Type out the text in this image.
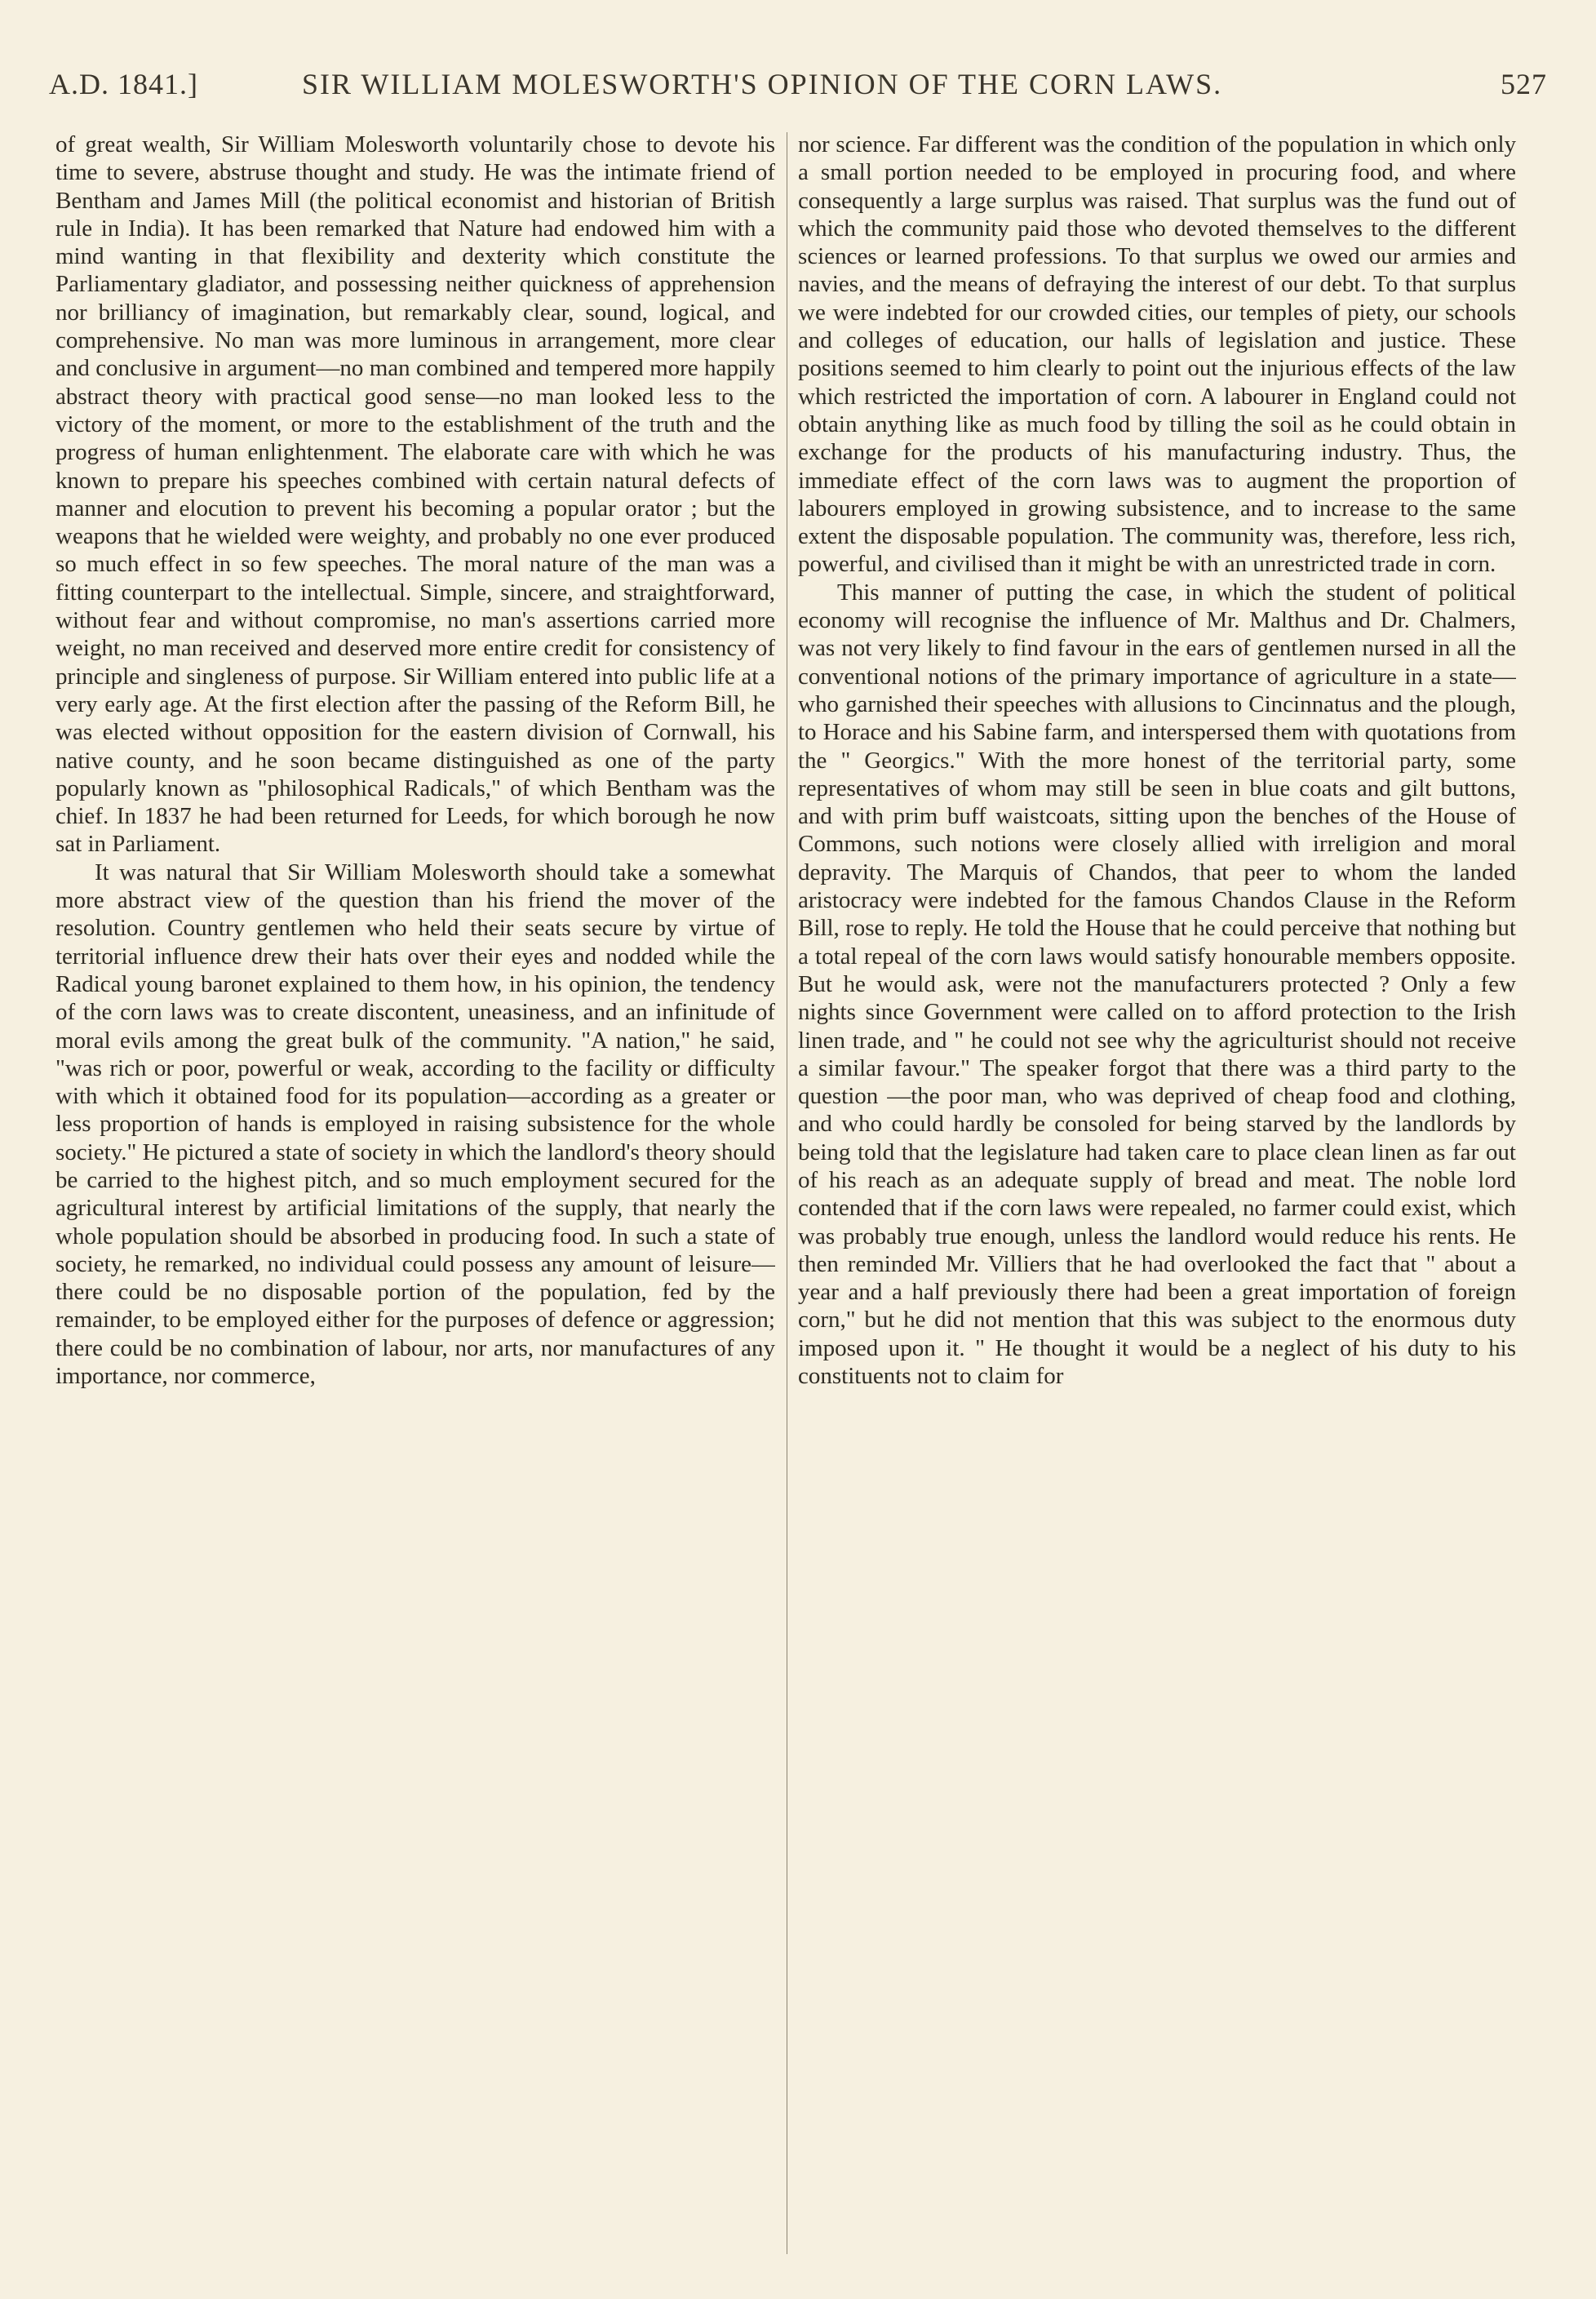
A.D. 1841.]	SIR WILLIAM MOLESWORTH'S OPINION OF THE CORN LAWS.	527

of great wealth, Sir William Molesworth voluntarily chose to devote his time to severe, abstruse thought and study. He was the intimate friend of Bentham and James Mill (the political economist and historian of British rule in India). It has been remarked that Nature had endowed him with a mind wanting in that flexibility and dexterity which constitute the Parliamentary gladiator, and possessing neither quickness of apprehension nor brilliancy of imagination, but remarkably clear, sound, logical, and comprehensive. No man was more luminous in arrangement, more clear and conclusive in argument—no man combined and tempered more happily abstract theory with practical good sense—no man looked less to the victory of the moment, or more to the establishment of the truth and the progress of human enlightenment. The elaborate care with which he was known to prepare his speeches combined with certain natural defects of manner and elocution to prevent his becoming a popular orator ; but the weapons that he wielded were weighty, and probably no one ever produced so much effect in so few speeches. The moral nature of the man was a fitting counterpart to the intellectual. Simple, sincere, and straightforward, without fear and without compromise, no man's assertions carried more weight, no man received and deserved more entire credit for consistency of principle and singleness of purpose. Sir William entered into public life at a very early age. At the first election after the passing of the Reform Bill, he was elected without opposition for the eastern division of Cornwall, his native county, and he soon became distinguished as one of the party popularly known as "philosophical Radicals," of which Bentham was the chief. In 1837 he had been returned for Leeds, for which borough he now sat in Parliament.

It was natural that Sir William Molesworth should take a somewhat more abstract view of the question than his friend the mover of the resolution. Country gentlemen who held their seats secure by virtue of territorial influence drew their hats over their eyes and nodded while the Radical young baronet explained to them how, in his opinion, the tendency of the corn laws was to create discontent, uneasiness, and an infinitude of moral evils among the great bulk of the community. "A nation," he said, "was rich or poor, powerful or weak, according to the facility or difficulty with which it obtained food for its population—according as a greater or less proportion of hands is employed in raising subsistence for the whole society." He pictured a state of society in which the landlord's theory should be carried to the highest pitch, and so much employment secured for the agricultural interest by artificial limitations of the supply, that nearly the whole population should be absorbed in producing food. In such a state of society, he remarked, no individual could possess any amount of leisure—there could be no disposable portion of the population, fed by the remainder, to be employed either for the purposes of defence or aggression; there could be no combination of labour, nor arts, nor manufactures of any importance, nor commerce,

nor science. Far different was the condition of the population in which only a small portion needed to be employed in procuring food, and where consequently a large surplus was raised. That surplus was the fund out of which the community paid those who devoted themselves to the different sciences or learned professions. To that surplus we owed our armies and navies, and the means of defraying the interest of our debt. To that surplus we were indebted for our crowded cities, our temples of piety, our schools and colleges of education, our halls of legislation and justice. These positions seemed to him clearly to point out the injurious effects of the law which restricted the importation of corn. A labourer in England could not obtain anything like as much food by tilling the soil as he could obtain in exchange for the products of his manufacturing industry. Thus, the immediate effect of the corn laws was to augment the proportion of labourers employed in growing subsistence, and to increase to the same extent the disposable population. The community was, therefore, less rich, powerful, and civilised than it might be with an unrestricted trade in corn.

This manner of putting the case, in which the student of political economy will recognise the influence of Mr. Malthus and Dr. Chalmers, was not very likely to find favour in the ears of gentlemen nursed in all the conventional notions of the primary importance of agriculture in a state—who garnished their speeches with allusions to Cincinnatus and the plough, to Horace and his Sabine farm, and interspersed them with quotations from the " Georgics." With the more honest of the territorial party, some representatives of whom may still be seen in blue coats and gilt buttons, and with prim buff waistcoats, sitting upon the benches of the House of Commons, such notions were closely allied with irreligion and moral depravity. The Marquis of Chandos, that peer to whom the landed aristocracy were indebted for the famous Chandos Clause in the Reform Bill, rose to reply. He told the House that he could perceive that nothing but a total repeal of the corn laws would satisfy honourable members opposite. But he would ask, were not the manufacturers protected ? Only a few nights since Government were called on to afford protection to the Irish linen trade, and " he could not see why the agriculturist should not receive a similar favour." The speaker forgot that there was a third party to the question —the poor man, who was deprived of cheap food and clothing, and who could hardly be consoled for being starved by the landlords by being told that the legislature had taken care to place clean linen as far out of his reach as an adequate supply of bread and meat. The noble lord contended that if the corn laws were repealed, no farmer could exist, which was probably true enough, unless the landlord would reduce his rents. He then reminded Mr. Villiers that he had overlooked the fact that " about a year and a half previously there had been a great importation of foreign corn," but he did not mention that this was subject to the enormous duty imposed upon it. " He thought it would be a neglect of his duty to his constituents not to claim for
